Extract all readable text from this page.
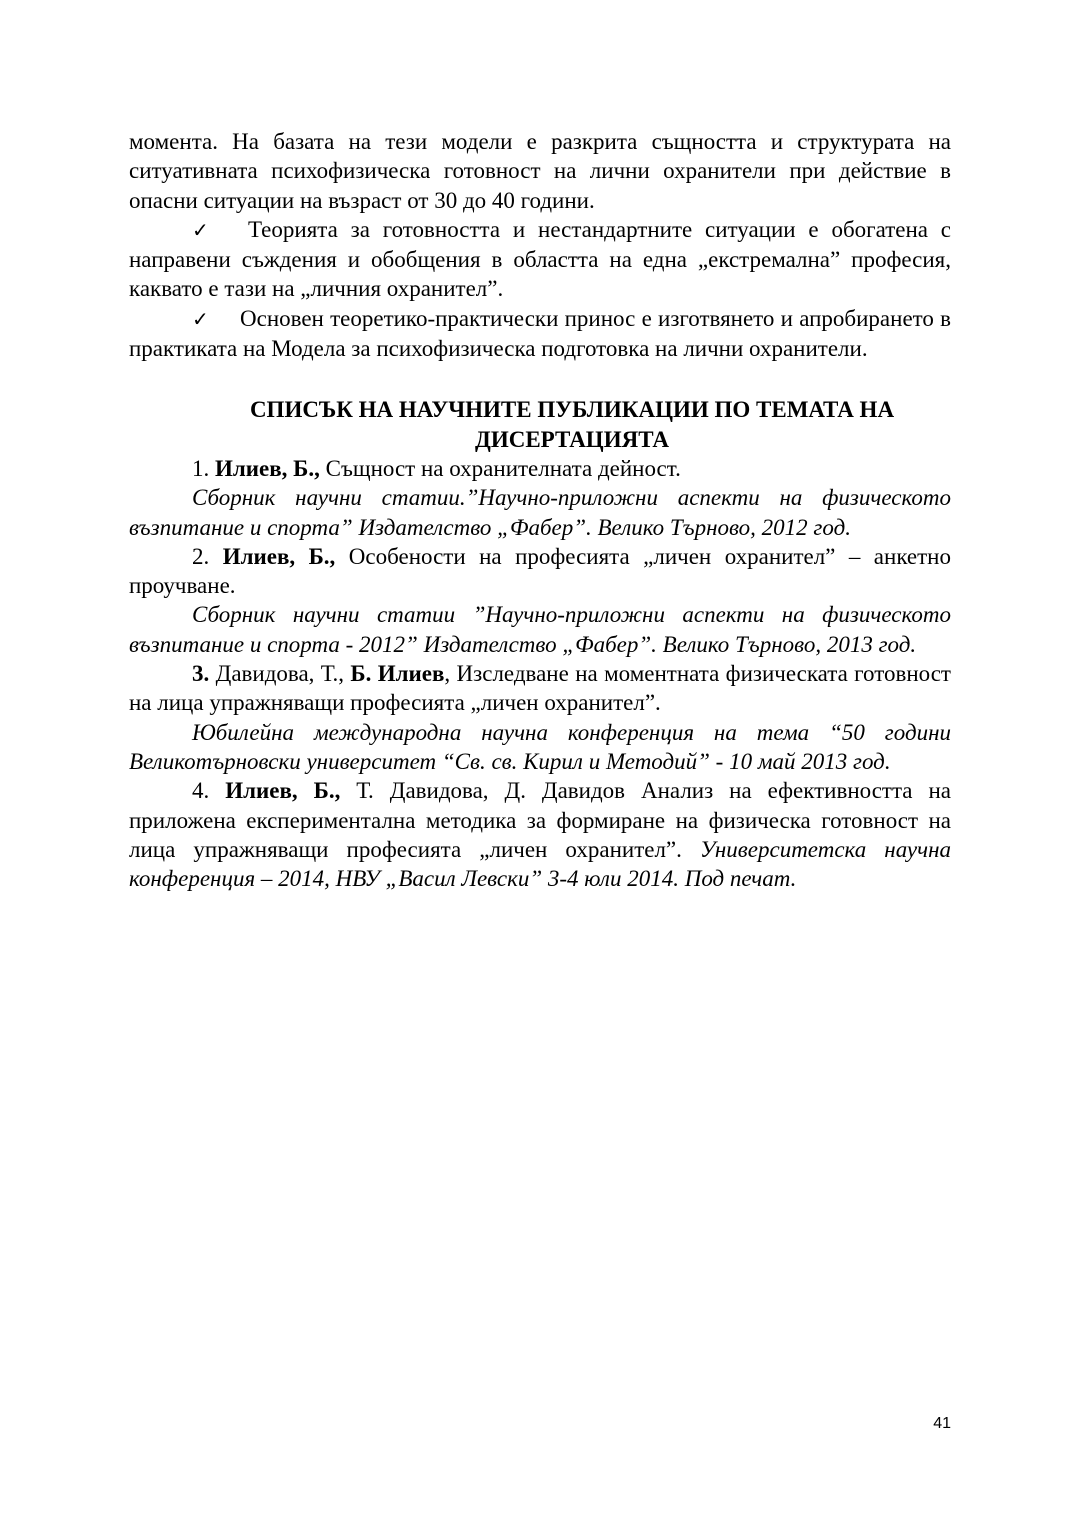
момента. На базата на тези модели е разкрита същността и структурата на ситуативната психофизическа готовност на лични охранители при действие в опасни ситуации на възраст от 30 до 40 години.

✓ Теорията за готовността и нестандартните ситуации е обогатена с направени съждения и обобщения в областта на една „екстремална” професия, каквато е тази на „личния охранител”.

✓ Основен теоретико-практически принос е изготвянето и апробирането в практиката на Модела за психофизическа подготовка на лични охранители.

СПИСЪК НА НАУЧНИТЕ ПУБЛИКАЦИИ ПО ТЕМАТА НА
ДИСЕРТАЦИЯТА

1. Илиев, Б., Същност на охранителната дейност.

Сборник научни статии.”Научно-приложни аспекти на физическото възпитание и спорта” Издателство „Фабер”. Велико Търново, 2012 год.

2. Илиев, Б., Особености на професията „личен охранител” – анкетно проучване.

Сборник научни статии ”Научно-приложни аспекти на физическото възпитание и спорта - 2012” Издателство „Фабер”. Велико Търново, 2013 год.

3. Давидова, Т., Б. Илиев, Изследване на моментната физическата готовност на лица упражняващи професията „личен охранител”.

Юбилейна международна научна конференция на тема “50 години Великотърновски университет “Св. св. Кирил и Методий” - 10 май 2013 год.

4. Илиев, Б., Т. Давидова, Д. Давидов Анализ на ефективността на приложена експериментална методика за формиране на физическа готовност на лица упражняващи професията „личен охранител”. Университетска научна конференция – 2014, НВУ „Васил Левски” 3-4 юли 2014. Под печат.

41
